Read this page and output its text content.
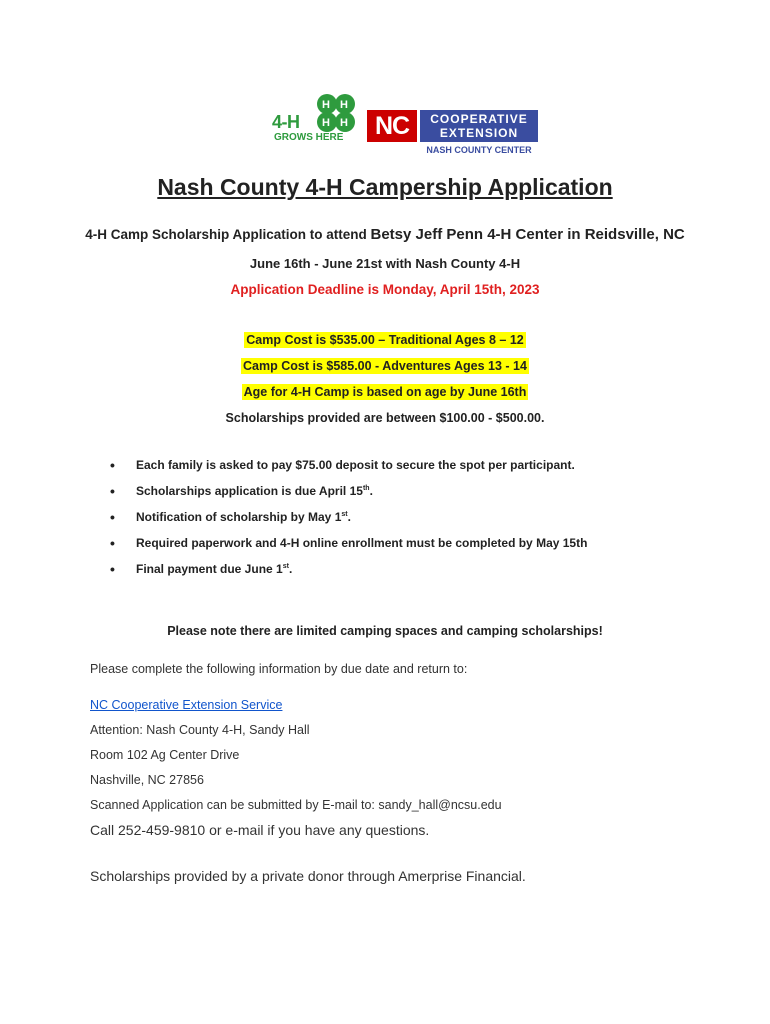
H H
H H
4-H
GROWS HERE	NC	COOPERATIVE
EXTENSION
NASH COUNTY CENTER
Nash County 4-H Campership Application
4-H Camp Scholarship Application to attend Betsy Jeff Penn 4-H Center in Reidsville, NC
June 16th - June 21st with Nash County 4-H
Application Deadline is Monday, April 15th, 2023
Camp Cost is $535.00 – Traditional Ages 8 – 12
Camp Cost is $585.00 - Adventures Ages 13 - 14
Age for 4-H Camp is based on age by June 16th
Scholarships provided are between $100.00 - $500.00.
• Each family is asked to pay $75.00 deposit to secure the spot per participant.
• Scholarships application is due April 15th.
• Notification of scholarship by May 1st.
• Required paperwork and 4-H online enrollment must be completed by May 15th
• Final payment due June 1st.
Please note there are limited camping spaces and camping scholarships!
Please complete the following information by due date and return to:
NC Cooperative Extension Service
Attention: Nash County 4-H, Sandy Hall
Room 102 Ag Center Drive
Nashville, NC 27856
Scanned Application can be submitted by E-mail to: sandy_hall@ncsu.edu
Call 252-459-9810 or e-mail if you have any questions.
Scholarships provided by a private donor through Amerprise Financial.
